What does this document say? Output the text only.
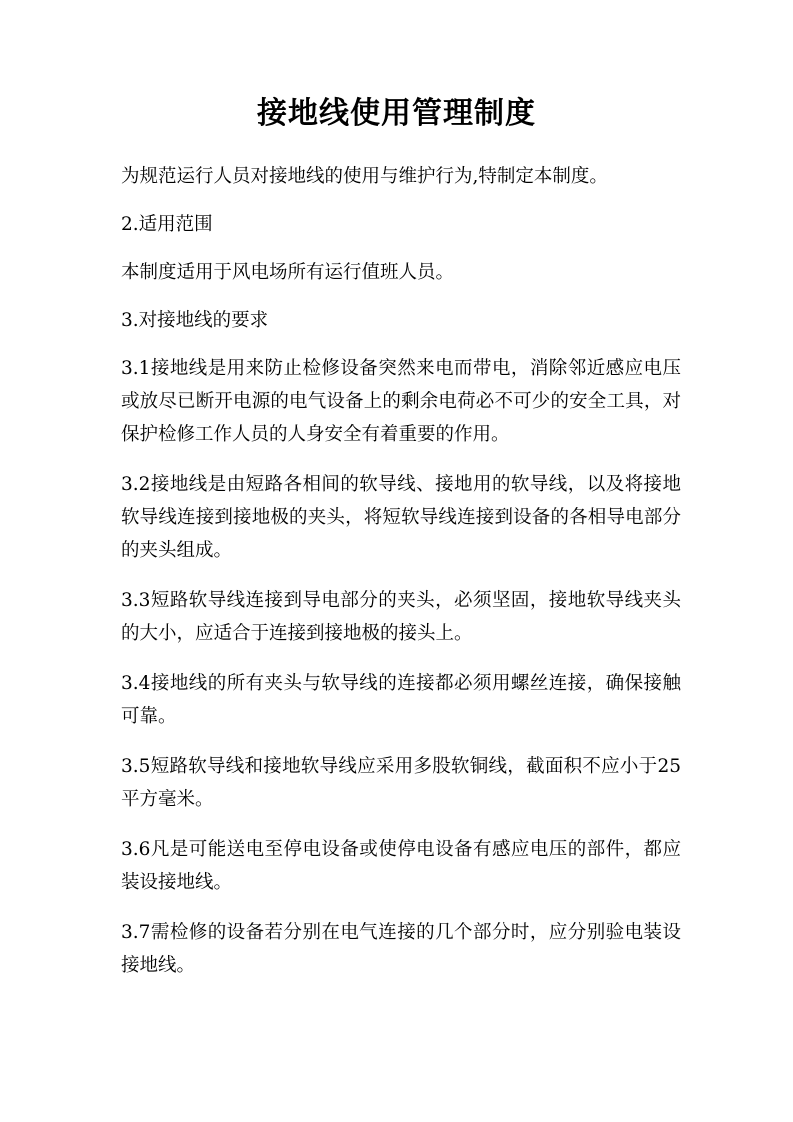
接地线使用管理制度

为规范运行人员对接地线的使用与维护行为,特制定本制度。

2.适用范围

本制度适用于风电场所有运行值班人员。

3.对接地线的要求

3.1接地线是用来防止检修设备突然来电而带电，消除邻近感应电压或放尽已断开电源的电气设备上的剩余电荷必不可少的安全工具，对保护检修工作人员的人身安全有着重要的作用。

3.2接地线是由短路各相间的软导线、接地用的软导线，以及将接地软导线连接到接地极的夹头，将短软导线连接到设备的各相导电部分的夹头组成。

3.3短路软导线连接到导电部分的夹头，必须坚固，接地软导线夹头的大小，应适合于连接到接地极的接头上。

3.4接地线的所有夹头与软导线的连接都必须用螺丝连接，确保接触可靠。

3.5短路软导线和接地软导线应采用多股软铜线，截面积不应小于25平方毫米。

3.6凡是可能送电至停电设备或使停电设备有感应电压的部件，都应装设接地线。

3.7需检修的设备若分别在电气连接的几个部分时，应分别验电装设接地线。
